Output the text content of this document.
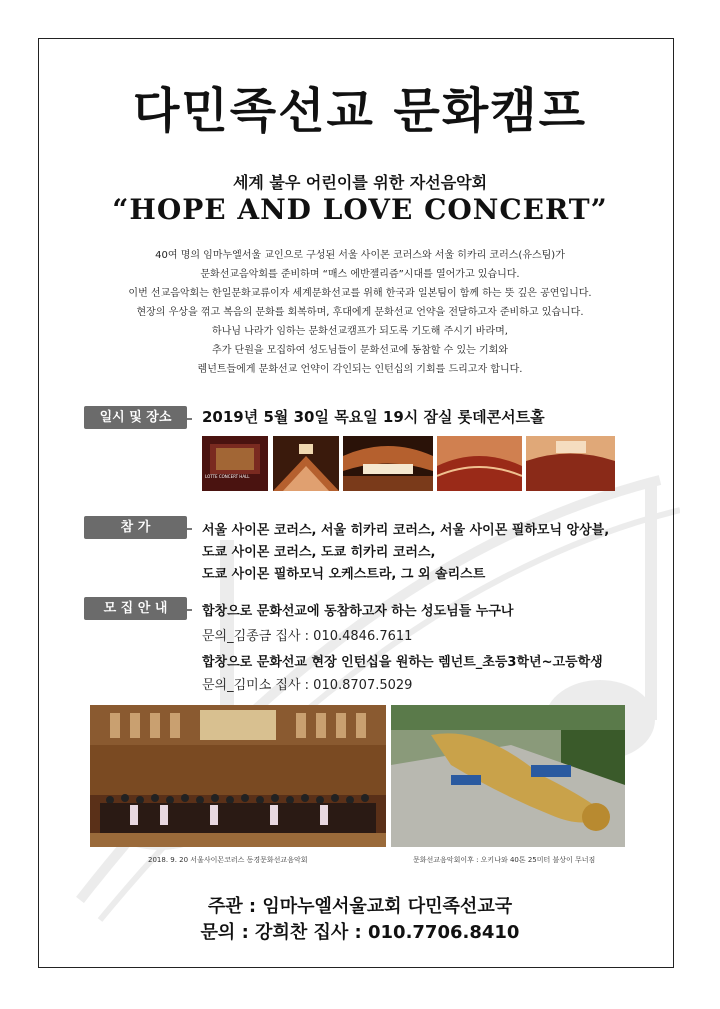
다민족선교 문화캠프
세계 불우 어린이를 위한 자선음악회
“HOPE AND LOVE CONCERT”
40여 명의 임마누엘서울 교인으로 구성된 서울 사이몬 코러스와 서울 히카리 코러스(유스팀)가
문화선교음악회를 준비하며 “매스 에반젤리즘”시대를 열어가고 있습니다.
이번 선교음악회는 한일문화교류이자 세계문화선교를 위해 한국과 일본팀이 함께 하는 뜻 깊은 공연입니다.
현장의 우상을 꺾고 복음의 문화를 회복하며, 후대에게 문화선교 언약을 전달하고자 준비하고 있습니다.
하나님 나라가 임하는 문화선교캠프가 되도록 기도해 주시기 바라며,
추가 단원을 모집하여 성도님들이 문화선교에 동참할 수 있는 기회와
렘넌트들에게 문화선교 언약이 각인되는 인턴십의 기회를 드리고자 합니다.
일시 및 장소	2019년 5월 30일 목요일 19시 잠실 롯데콘서트홀
LOTTE CONCERT HALL
참 가	서울 사이몬 코러스, 서울 히카리 코러스, 서울 사이몬 필하모닉 앙상블,
도쿄 사이몬 코러스, 도쿄 히카리 코러스,
도쿄 사이몬 필하모닉 오케스트라, 그 외 솔리스트
모 집 안 내	합창으로 문화선교에 동참하고자 하는 성도님들 누구나
문의_김종금 집사 : 010.4846.7611
합창으로 문화선교 현장 인턴십을 원하는 렘넌트_초등3학년~고등학생
문의_김미소 집사 : 010.8707.5029
2018. 9. 20 서울사이몬코러스 동경문화선교음악회	문화선교음악회이후 : 오키나와 40톤 25미터 불상이 무너짐
주관 : 임마누엘서울교회 다민족선교국
문의 : 강희찬 집사 : 010.7706.8410
